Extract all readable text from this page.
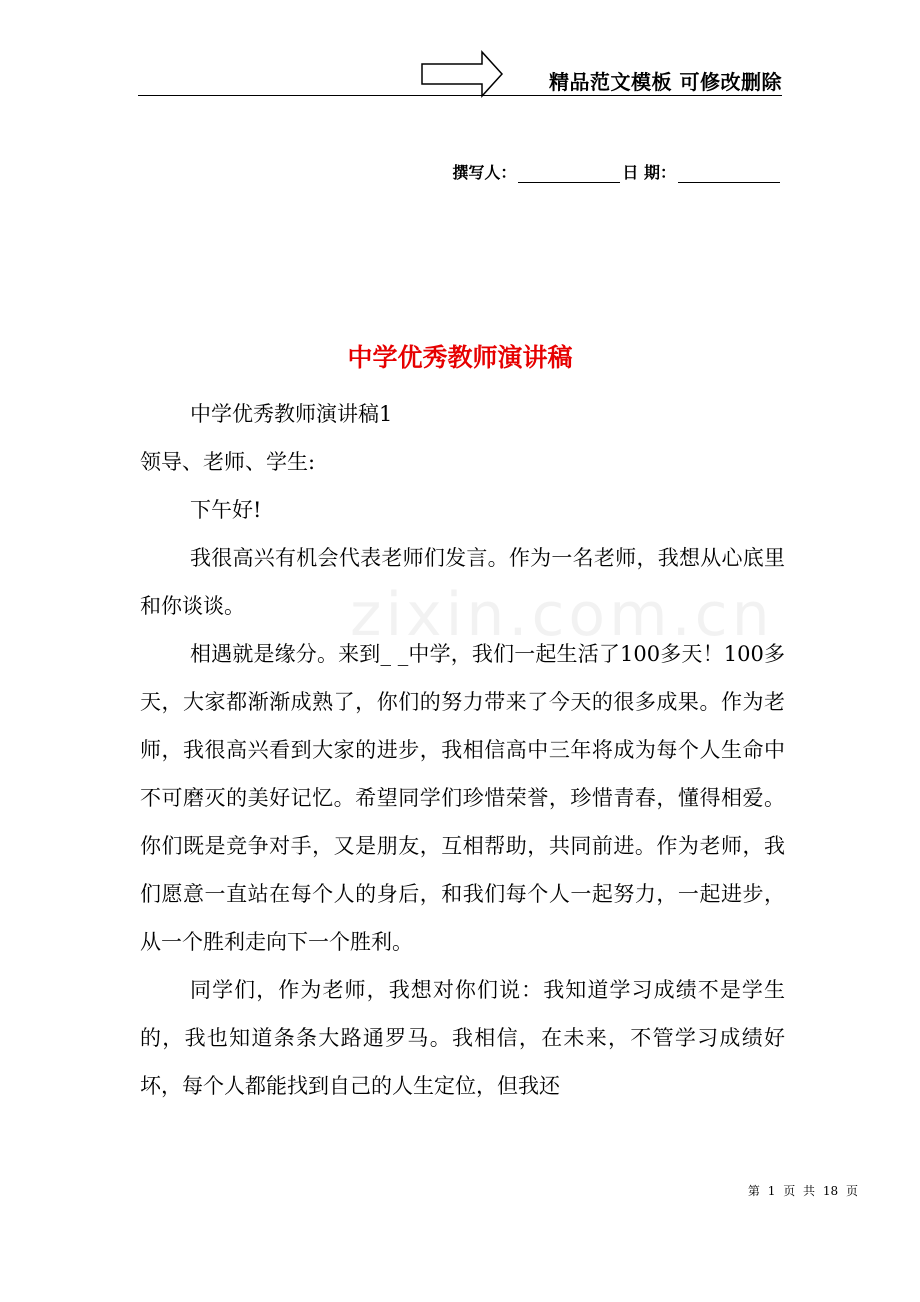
精品范文模板 可修改删除
撰写人：	日 期：
中学优秀教师演讲稿

中学优秀教师演讲稿1

领导、老师、学生:

下午好!

我很高兴有机会代表老师们发言。作为一名老师，我想从心底里和你谈谈。

相遇就是缘分。来到_ _中学，我们一起生活了100多天！100多天，大家都渐渐成熟了，你们的努力带来了今天的很多成果。作为老师，我很高兴看到大家的进步，我相信高中三年将成为每个人生命中不可磨灭的美好记忆。希望同学们珍惜荣誉，珍惜青春，懂得相爱。你们既是竞争对手，又是朋友，互相帮助，共同前进。作为老师，我们愿意一直站在每个人的身后，和我们每个人一起努力，一起进步，从一个胜利走向下一个胜利。

同学们，作为老师，我想对你们说：我知道学习成绩不是学生的，我也知道条条大路通罗马。我相信，在未来，不管学习成绩好坏，每个人都能找到自己的人生定位，但我还

zixin.com.cn
第 1 页 共 18 页
